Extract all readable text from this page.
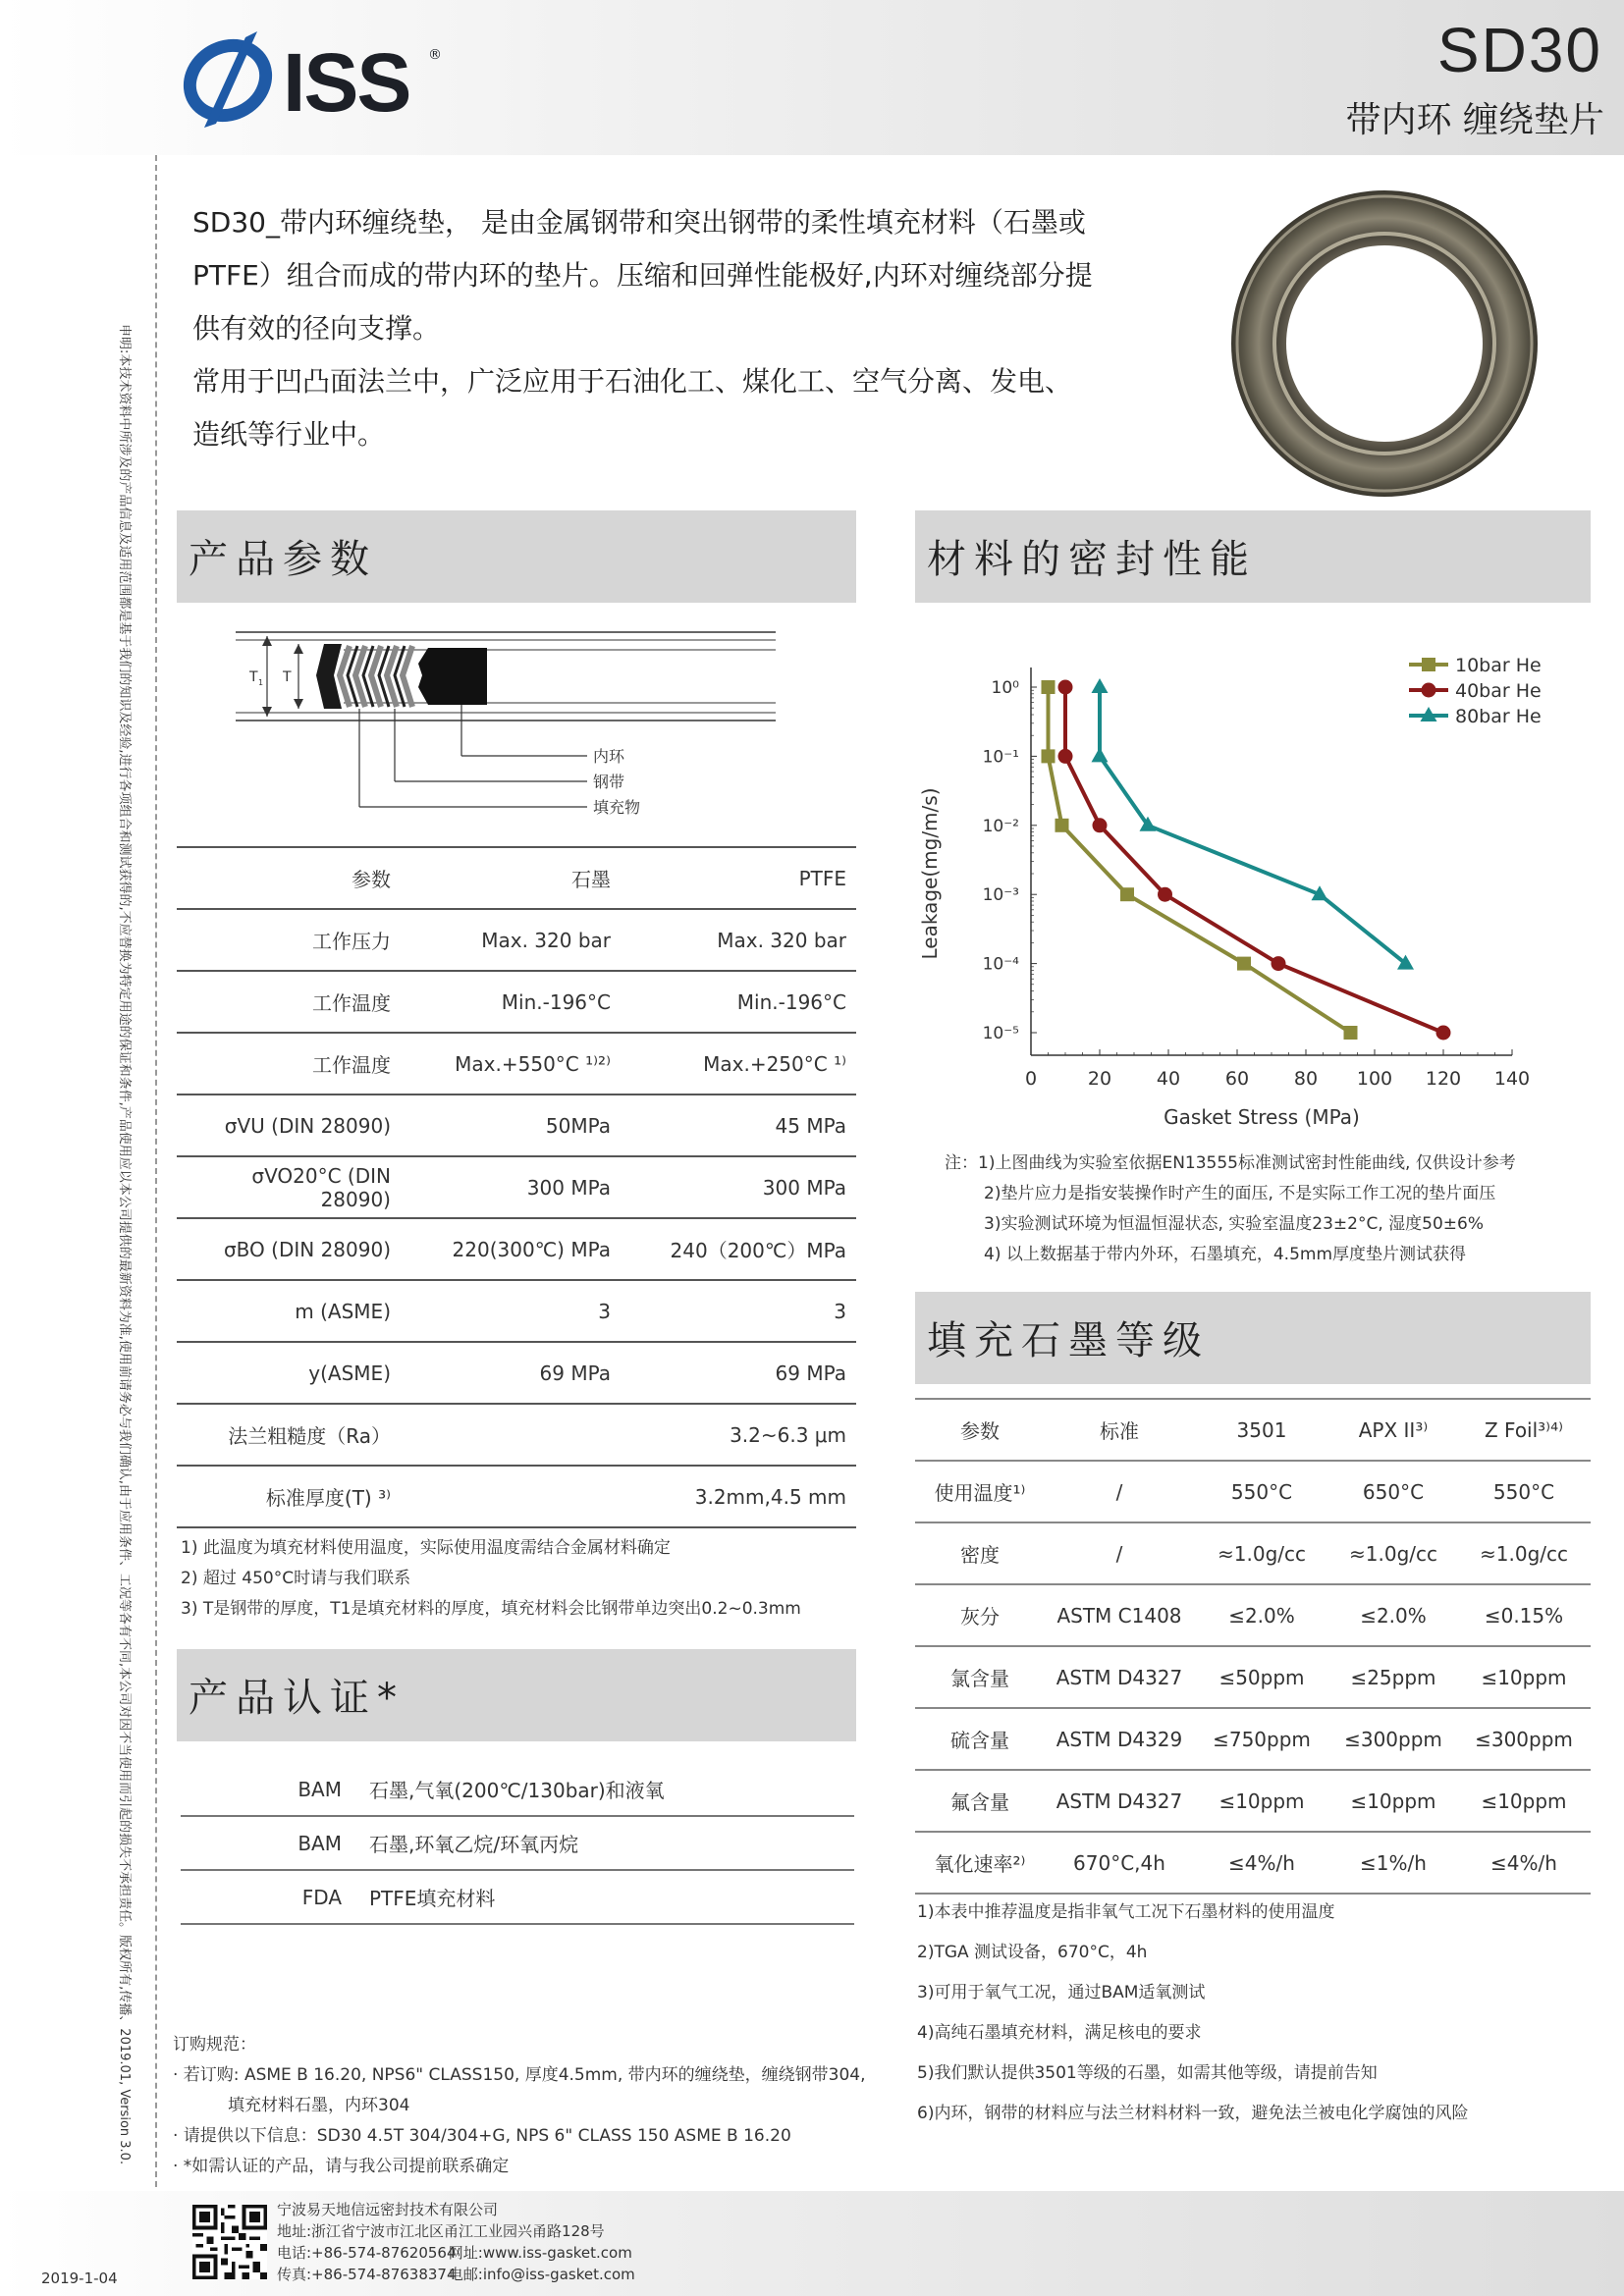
ISS ®	SD30
带内环 缠绕垫片
申明:本技术资料中所涉及的产品信息及适用范围都是基于我们的知识及经验,进行各项组合和测试获得的,不应替换为特定用途的保证和条件,产品使用应以本公司提供的最新资料为准,使用前请务必与我们确认,由于应用条件、工况等各有不同,本公司对因不当使用而引起的损失不承担责任。版权所有,传播、2019.01, Version 3.0.

SD30_带内环缠绕垫， 是由金属钢带和突出钢带的柔性填充材料（石墨或PTFE）组合而成的带内环的垫片。压缩和回弹性能极好,内环对缠绕部分提供有效的径向支撑。

常用于凹凸面法兰中，广泛应用于石油化工、煤化工、空气分离、发电、造纸等行业中。

产品参数
T 1 T
内环
钢带
填充物
参数	石墨	PTFE
工作压力	Max. 320 bar	Max. 320 bar
工作温度	Min.-196°C	Min.-196°C
工作温度	Max.+550°C ¹⁾²⁾	Max.+250°C ¹⁾
σVU (DIN 28090)	50MPa	45 MPa
σVO20°C (DIN 28090)	300 MPa	300 MPa
σBO (DIN 28090)	220(300℃) MPa	240（200℃）MPa
m (ASME)	3	3
y(ASME)	69 MPa	69 MPa
法兰粗糙度（Ra）	3.2~6.3 μm	
标准厚度(T) ³⁾	3.2mm,4.5 mm	
1) 此温度为填充材料使用温度，实际使用温度需结合金属材料确定
2) 超过 450°C时请与我们联系
3) T是钢带的厚度，T1是填充材料的厚度，填充材料会比钢带单边突出0.2~0.3mm
产品认证*
BAM	石墨,气氧(200℃/130bar)和液氧
BAM	石墨,环氧乙烷/环氧丙烷
FDA	PTFE填充材料
材料的密封性能
0	20 40 60 80 100 120 140
10⁰
10⁻¹
10⁻²
10⁻³
10⁻⁴
10⁻⁵
10bar He
40bar He
80bar He
Gasket Stress (MPa)
Leakage(mg/m/s)
注：1)上图曲线为实验室依据EN13555标准测试密封性能曲线, 仅供设计参考
2)垫片应力是指安装操作时产生的面压, 不是实际工作工况的垫片面压
3)实验测试环境为恒温恒湿状态, 实验室温度23±2°C, 湿度50±6%
4) 以上数据基于带内外环，石墨填充，4.5mm厚度垫片测试获得
填充石墨等级
参数	标准	3501	APX II³⁾	Z Foil³⁾⁴⁾
使用温度¹⁾	/	550°C	650°C	550°C
密度	/	≈1.0g/cc	≈1.0g/cc	≈1.0g/cc
灰分	ASTM C1408	≤2.0%	≤2.0%	≤0.15%
氯含量	ASTM D4327	≤50ppm	≤25ppm	≤10ppm
硫含量	ASTM D4329	≤750ppm	≤300ppm	≤300ppm
氟含量	ASTM D4327	≤10ppm	≤10ppm	≤10ppm
氧化速率²⁾	670°C,4h	≤4%/h	≤1%/h	≤4%/h
1)本表中推荐温度是指非氧气工况下石墨材料的使用温度
2)TGA 测试设备，670°C，4h
3)可用于氧气工况，通过BAM适氧测试
4)高纯石墨填充材料，满足核电的要求
5)我们默认提供3501等级的石墨，如需其他等级，请提前告知
6)内环，钢带的材料应与法兰材料材料一致，避免法兰被电化学腐蚀的风险
订购规范：
· 若订购: ASME B 16.20, NPS6" CLASS150, 厚度4.5mm, 带内环的缠绕垫，缠绕钢带304,
填充材料石墨，内环304
· 请提供以下信息：SD30 4.5T 304/304+G, NPS 6" CLASS 150 ASME B 16.20
· *如需认证的产品，请与我公司提前联系确定
2019-1-04
宁波易天地信远密封技术有限公司
地址:浙江省宁波市江北区甬江工业园兴甬路128号
电话:+86-574-87620564 网址:www.iss-gasket.com
传真:+86-574-87638374 电邮:info@iss-gasket.com
